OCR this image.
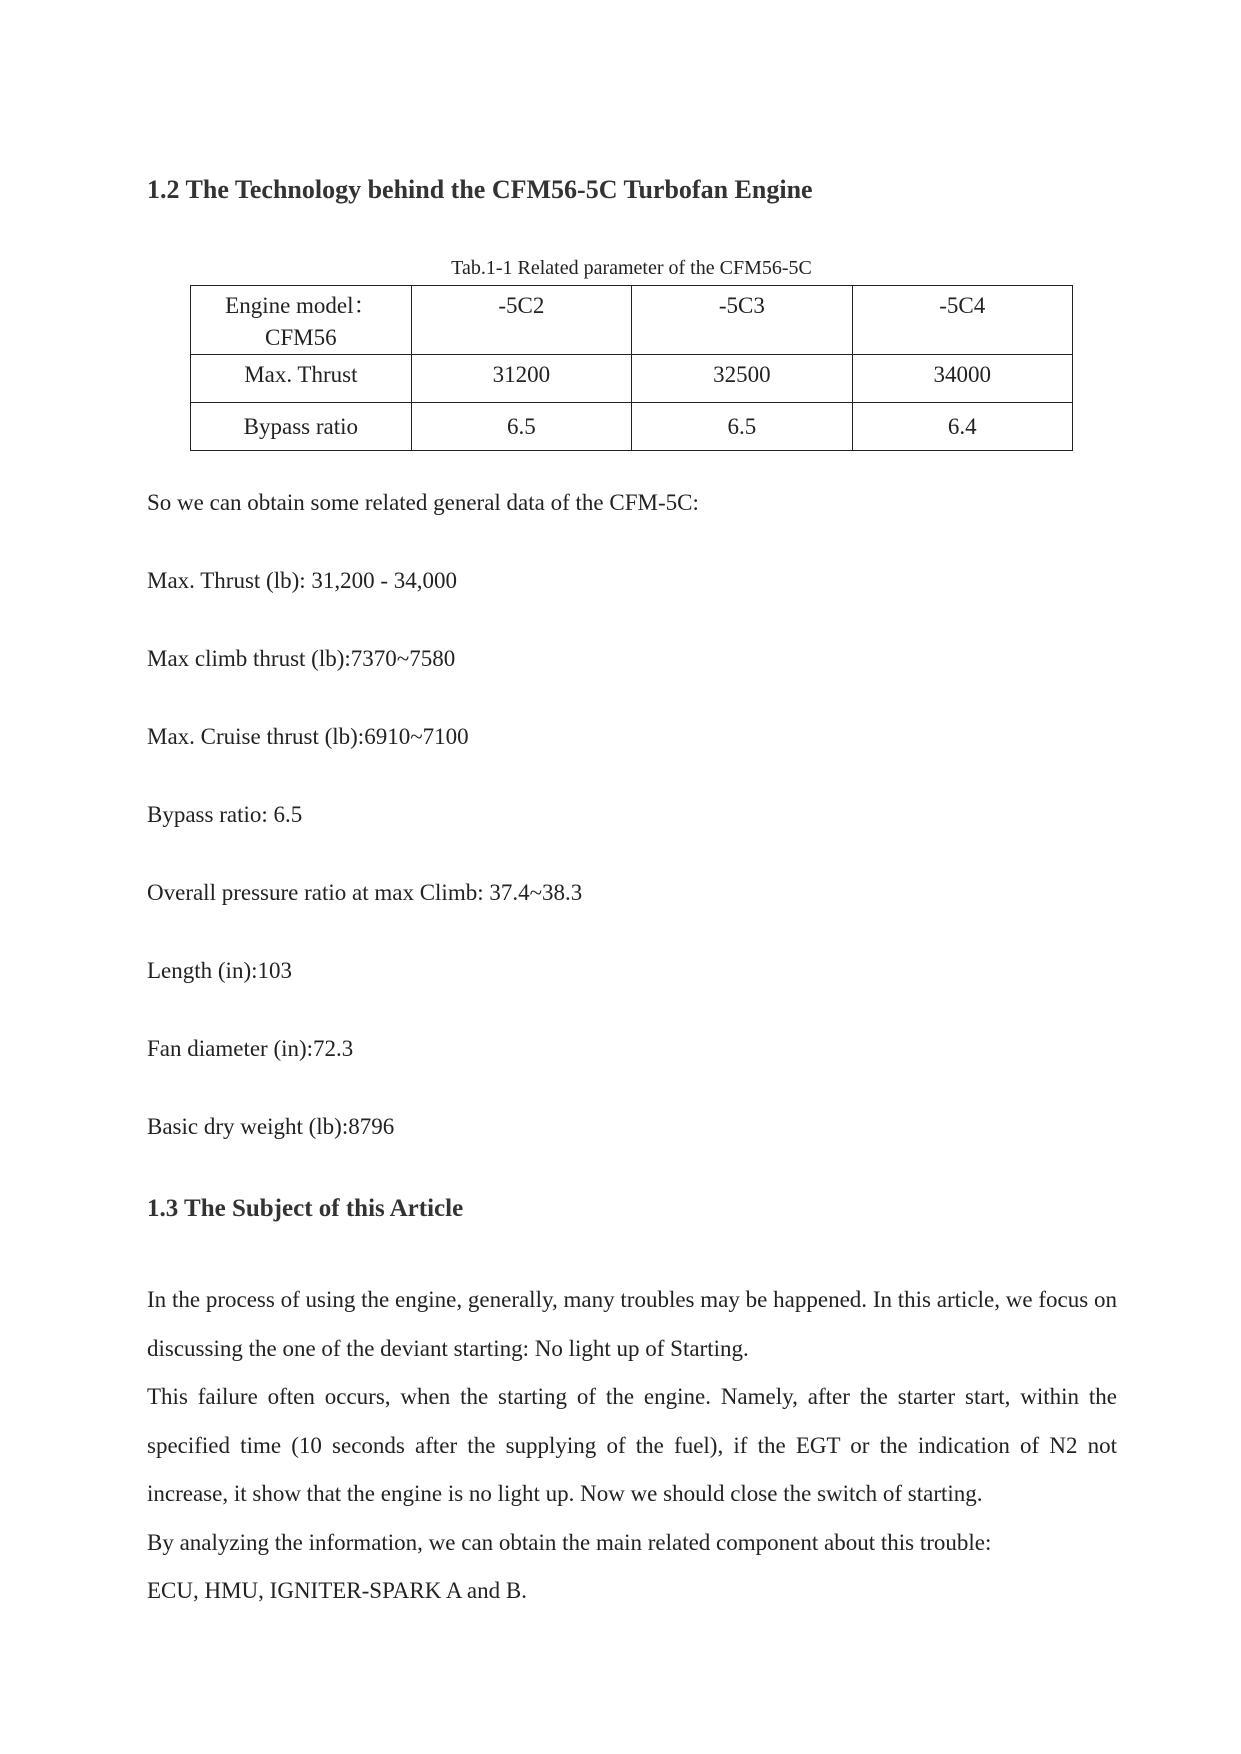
1.2 The Technology behind the CFM56-5C Turbofan Engine
Tab.1-1 Related parameter of the CFM56-5C
Engine model：
CFM56	-5C2	-5C3	-5C4
Max. Thrust	31200	32500	34000
Bypass ratio	6.5	6.5	6.4
So we can obtain some related general data of the CFM-5C:
Max. Thrust (lb): 31,200 - 34,000
Max climb thrust (lb):7370~7580
Max. Cruise thrust (lb):6910~7100
Bypass ratio: 6.5
Overall pressure ratio at max Climb: 37.4~38.3
Length (in):103
Fan diameter (in):72.3
Basic dry weight (lb):8796
1.3 The Subject of this Article

In the process of using the engine, generally, many troubles may be happened. In this article, we focus on discussing the one of the deviant starting: No light up of Starting.

This failure often occurs, when the starting of the engine. Namely, after the starter start, within the specified time (10 seconds after the supplying of the fuel), if the EGT or the indication of N2 not increase, it show that the engine is no light up. Now we should close the switch of starting.

By analyzing the information, we can obtain the main related component about this trouble:

ECU, HMU, IGNITER-SPARK A and B.
